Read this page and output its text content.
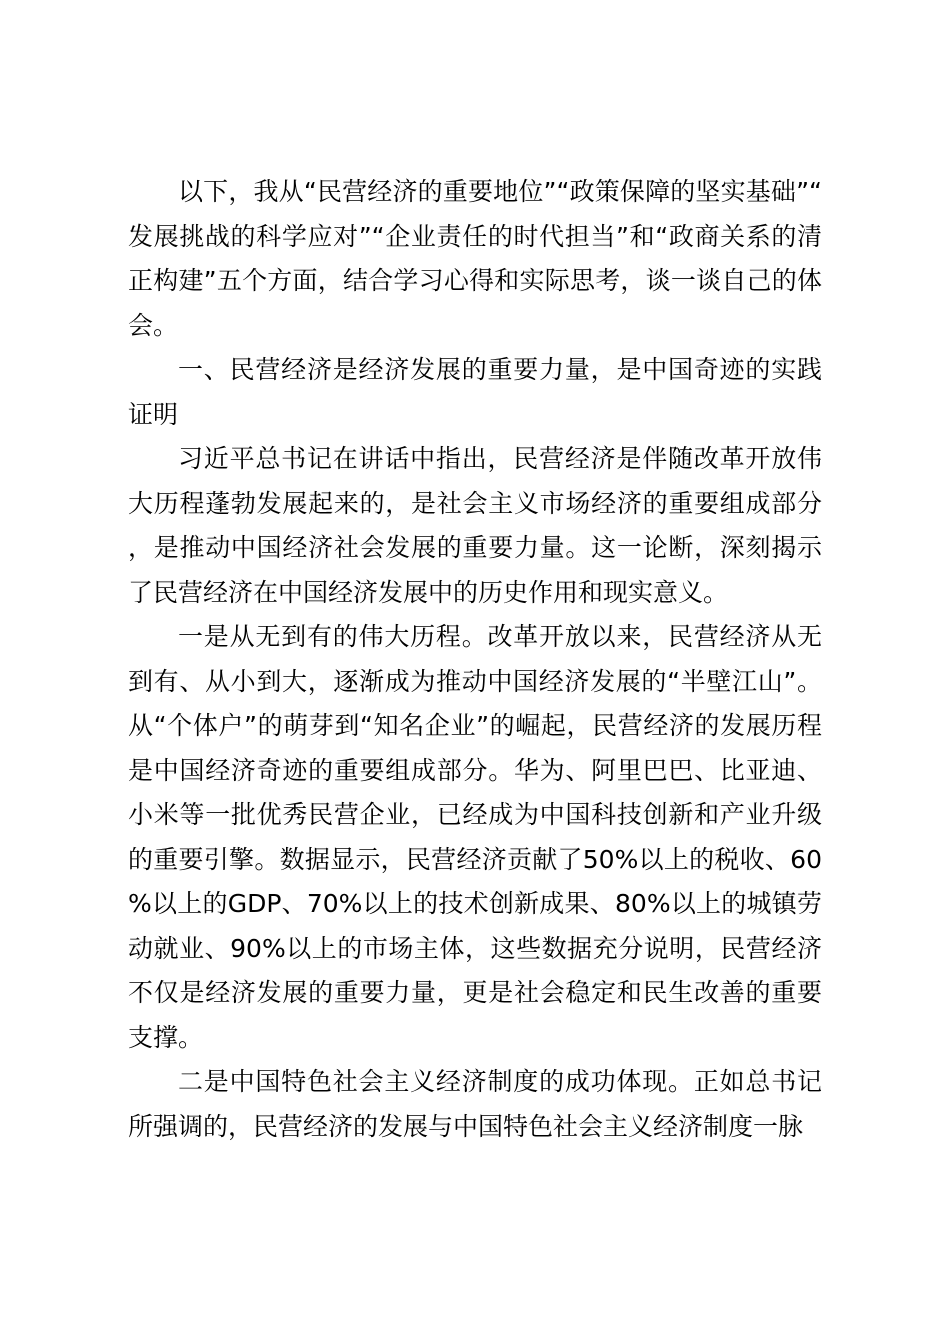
以下，我从“民营经济的重要地位”“政策保障的坚实基础”“发展挑战的科学应对”“企业责任的时代担当”和“政商关系的清正构建”五个方面，结合学习心得和实际思考，谈一谈自己的体会。

一、民营经济是经济发展的重要力量，是中国奇迹的实践证明

习近平总书记在讲话中指出，民营经济是伴随改革开放伟大历程蓬勃发展起来的，是社会主义市场经济的重要组成部分，是推动中国经济社会发展的重要力量。这一论断，深刻揭示了民营经济在中国经济发展中的历史作用和现实意义。

一是从无到有的伟大历程。改革开放以来，民营经济从无到有、从小到大，逐渐成为推动中国经济发展的“半壁江山”。从“个体户”的萌芽到“知名企业”的崛起，民营经济的发展历程是中国经济奇迹的重要组成部分。华为、阿里巴巴、比亚迪、小米等一批优秀民营企业，已经成为中国科技创新和产业升级的重要引擎。数据显示，民营经济贡献了50%以上的税收、60%以上的GDP、70%以上的技术创新成果、80%以上的城镇劳动就业、90%以上的市场主体，这些数据充分说明，民营经济不仅是经济发展的重要力量，更是社会稳定和民生改善的重要支撑。

二是中国特色社会主义经济制度的成功体现。正如总书记所强调的，民营经济的发展与中国特色社会主义经济制度一脉
